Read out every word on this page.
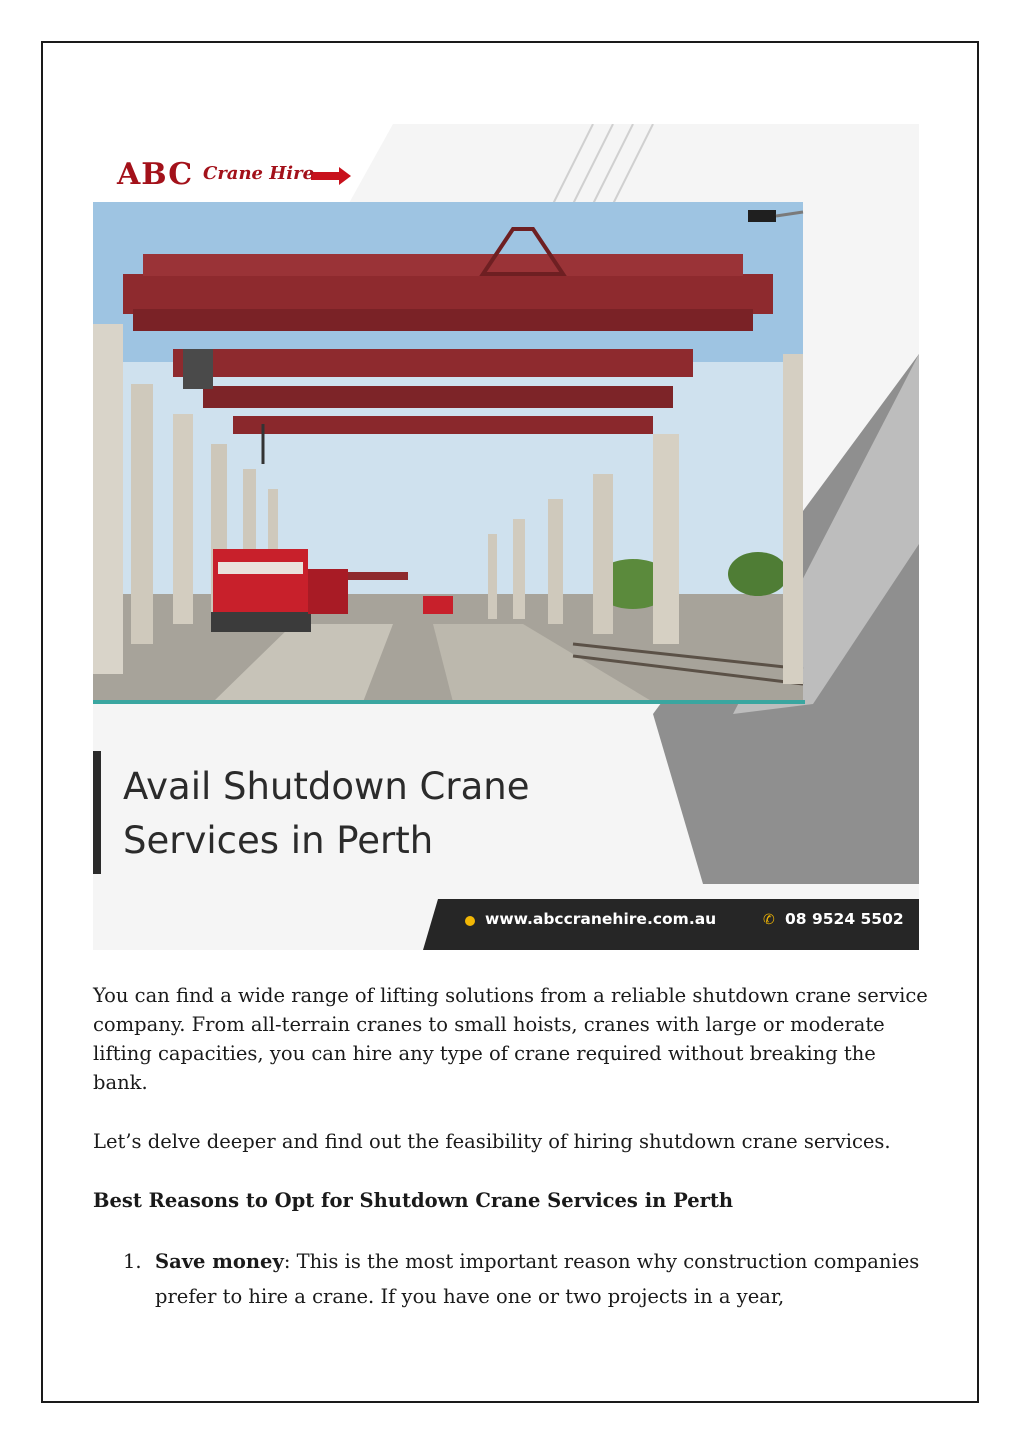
ABC Crane Hire
Avail Shutdown Crane
Services in Perth
www.abccranehire.com.au	✆ 08 9524 5502

You can find a wide range of lifting solutions from a reliable shutdown crane service company. From all-terrain cranes to small hoists, cranes with large or moderate lifting capacities, you can hire any type of crane required without breaking the bank.

Let’s delve deeper and find out the feasibility of hiring shutdown crane services.

Best Reasons to Opt for Shutdown Crane Services in Perth

1. Save money: This is the most important reason why construction companies prefer to hire a crane. If you have one or two projects in a year,
